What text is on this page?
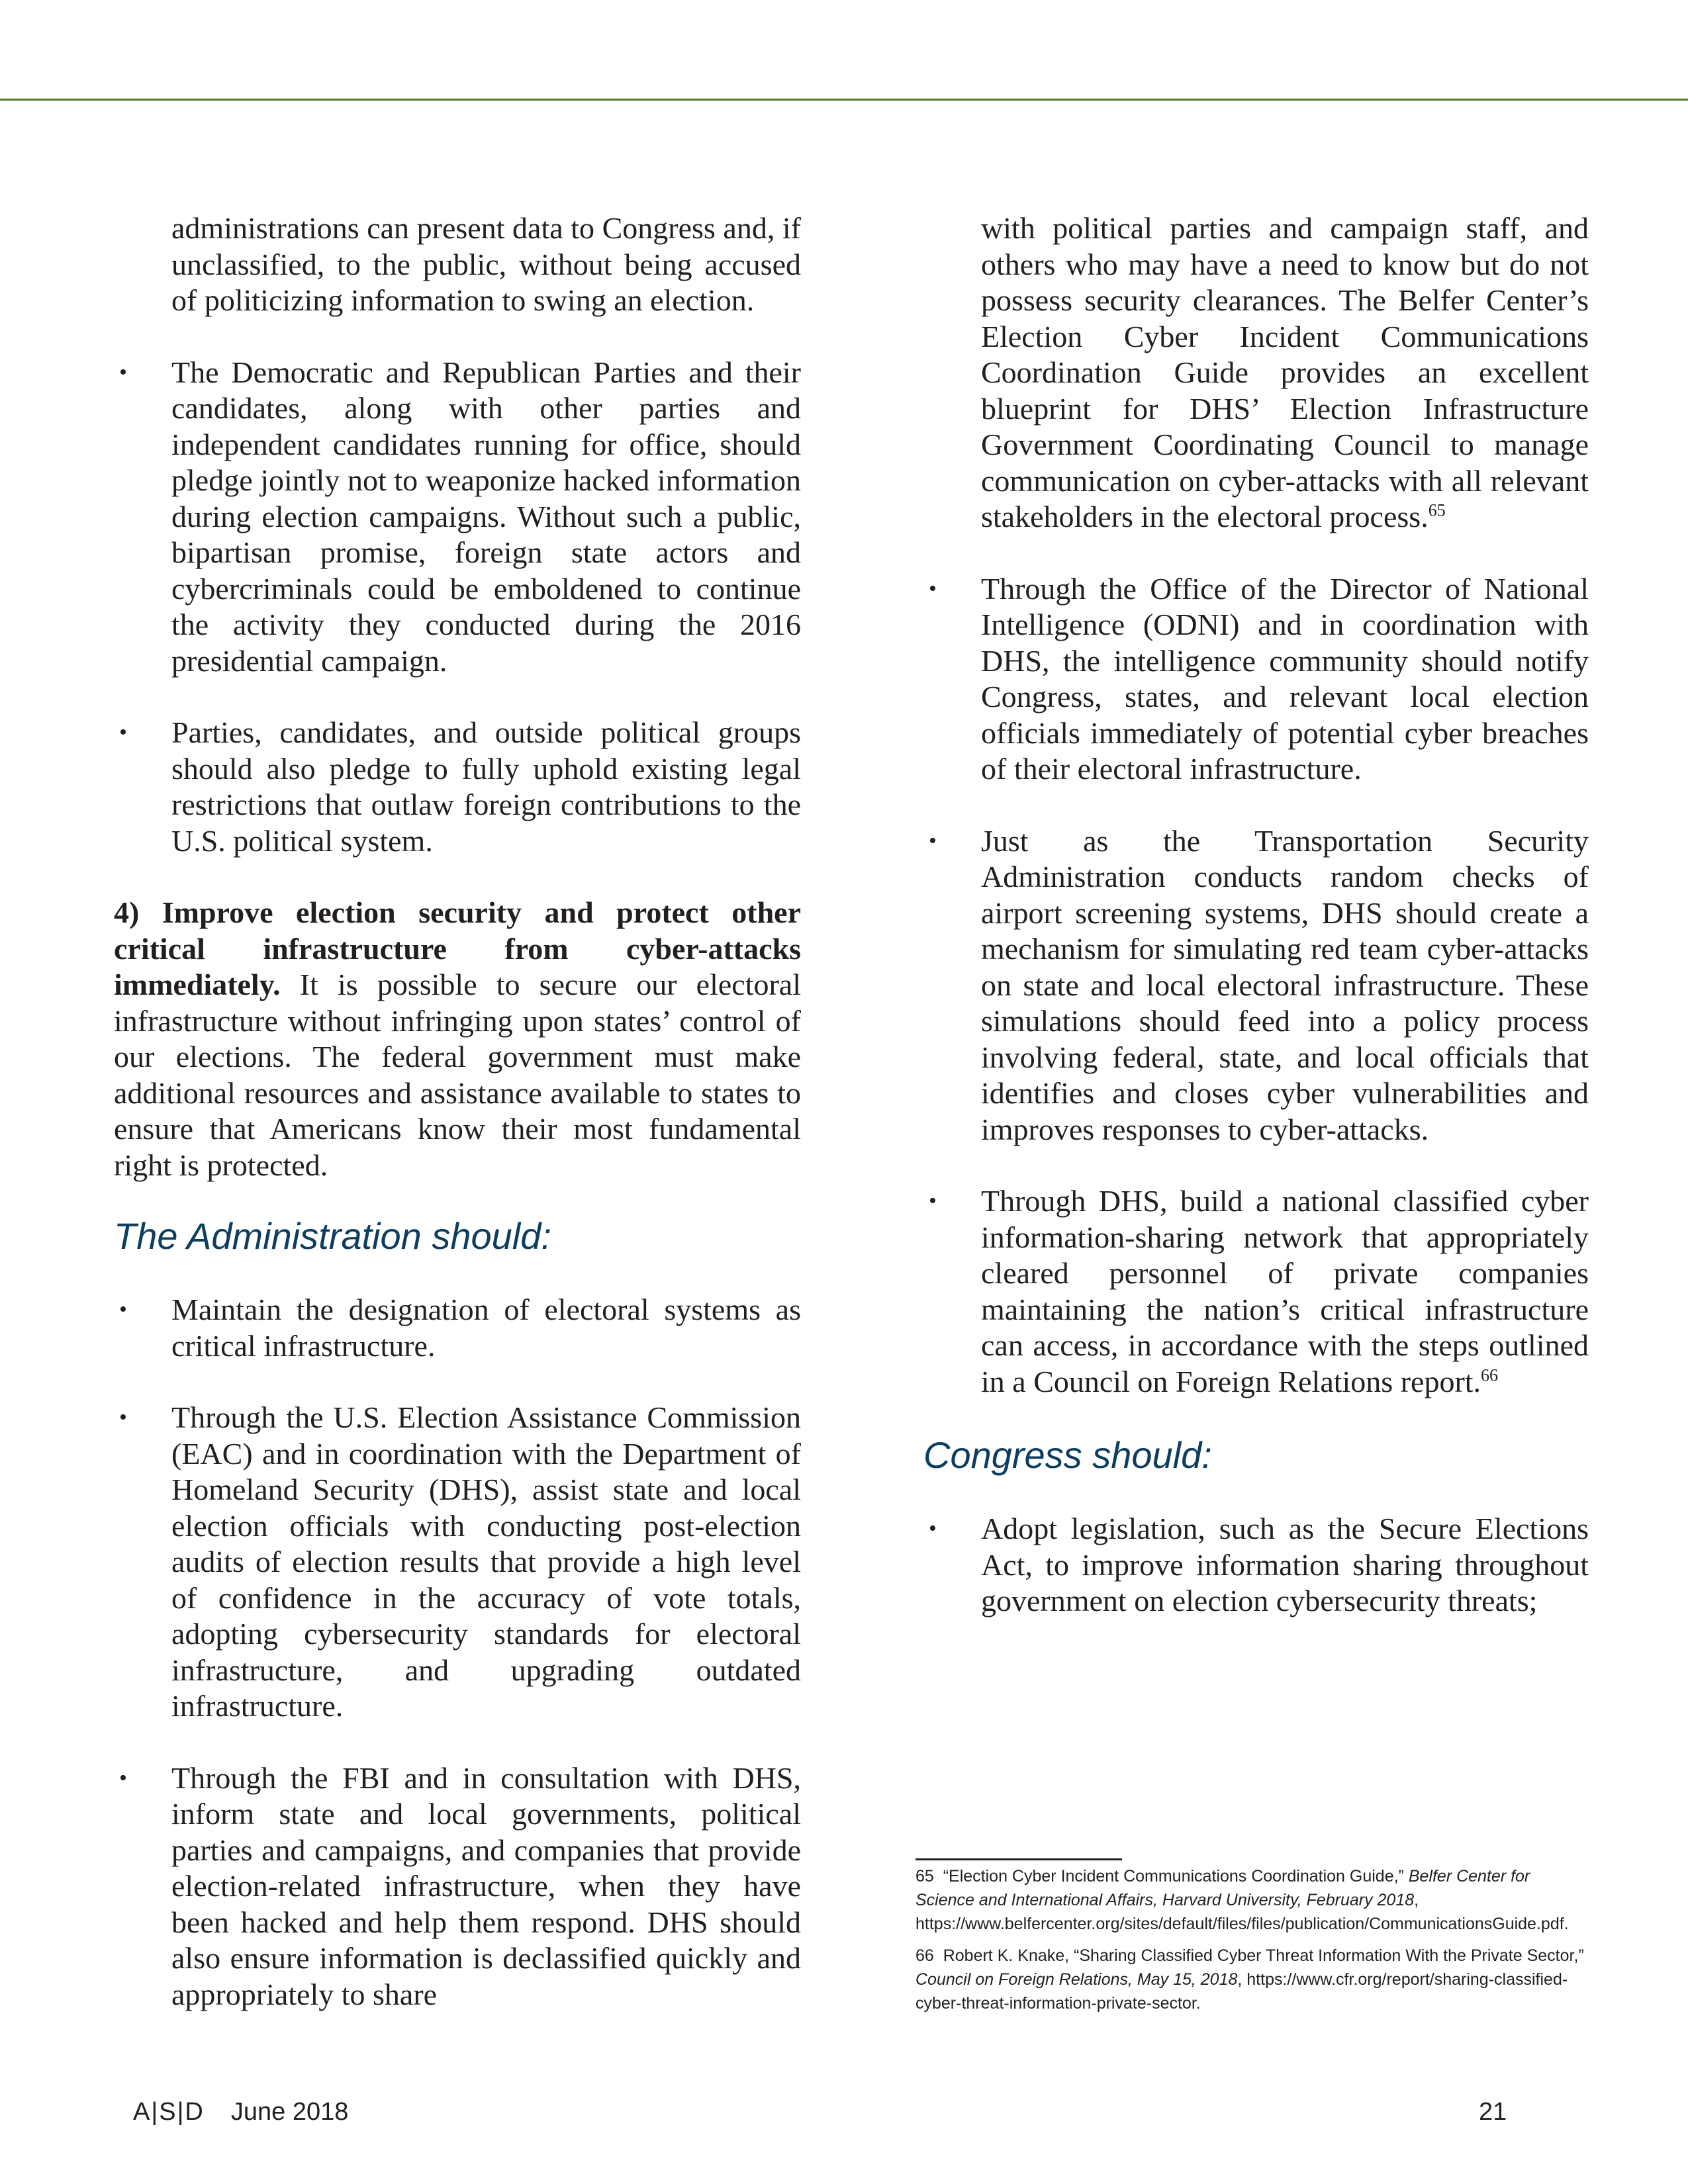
administrations can present data to Congress and, if unclassified, to the public, without being accused of politicizing information to swing an election.

• The Democratic and Republican Parties and their candidates, along with other parties and independent candidates running for office, should pledge jointly not to weaponize hacked information during election campaigns. Without such a public, bipartisan promise, foreign state actors and cybercriminals could be emboldened to continue the activity they conducted during the 2016 presidential campaign.
• Parties, candidates, and outside political groups should also pledge to fully uphold existing legal restrictions that outlaw foreign contributions to the U.S. political system.

4) Improve election security and protect other critical infrastructure from cyber-attacks immediately. It is possible to secure our electoral infrastructure without infringing upon states’ control of our elections. The federal government must make additional resources and assistance available to states to ensure that Americans know their most fundamental right is protected.

The Administration should:
• Maintain the designation of electoral systems as critical infrastructure.
• Through the U.S. Election Assistance Commission (EAC) and in coordination with the Department of Homeland Security (DHS), assist state and local election officials with conducting post-election audits of election results that provide a high level of confidence in the accuracy of vote totals, adopting cybersecurity standards for electoral infrastructure, and upgrading outdated infrastructure.
• Through the FBI and in consultation with DHS, inform state and local governments, political parties and campaigns, and companies that provide election-related infrastructure, when they have been hacked and help them respond. DHS should also ensure information is declassified quickly and appropriately to share

with political parties and campaign staff, and others who may have a need to know but do not possess security clearances. The Belfer Center’s Election Cyber Incident Communications Coordination Guide provides an excellent blueprint for DHS’ Election Infrastructure Government Coordinating Council to manage communication on cyber-attacks with all relevant stakeholders in the electoral process.$^{65}$

• Through the Office of the Director of National Intelligence (ODNI) and in coordination with DHS, the intelligence community should notify Congress, states, and relevant local election officials immediately of potential cyber breaches of their electoral infrastructure.
• Just as the Transportation Security Administration conducts random checks of airport screening systems, DHS should create a mechanism for simulating red team cyber-attacks on state and local electoral infrastructure. These simulations should feed into a policy process involving federal, state, and local officials that identifies and closes cyber vulnerabilities and improves responses to cyber-attacks.
• Through DHS, build a national classified cyber information-sharing network that appropriately cleared personnel of private companies maintaining the nation’s critical infrastructure can access, in accordance with the steps outlined in a Council on Foreign Relations report.$^{66}$
Congress should:
• Adopt legislation, such as the Secure Elections Act, to improve information sharing throughout government on election cybersecurity threats;

65 “Election Cyber Incident Communications Coordination Guide,” Belfer Center for Science and International Affairs, Harvard University, February 2018, https://www.belfercenter.org/sites/default/files/files/publication/CommunicationsGuide.pdf.

66 Robert K. Knake, “Sharing Classified Cyber Threat Information With the Private Sector,” Council on Foreign Relations, May 15, 2018, https://www.cfr.org/report/sharing-classified-cyber-threat-information-private-sector.

A|S|D June 2018	21
